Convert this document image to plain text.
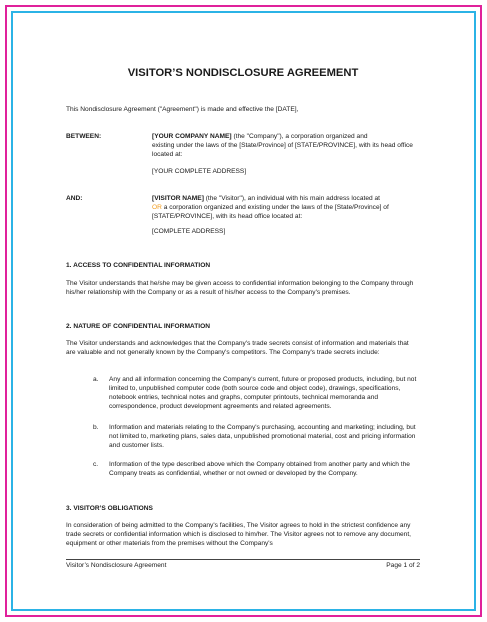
VISITOR’S NONDISCLOSURE AGREEMENT

This Nondisclosure Agreement ("Agreement") is made and effective the [DATE],

BETWEEN:	[YOUR COMPANY NAME] (the "Company"), a corporation organized and
existing under the laws of the [State/Province] of [STATE/PROVINCE], with its head office located at:
[YOUR COMPLETE ADDRESS]
AND:	[VISITOR NAME] (the "Visitor"), an individual with his main address located at
OR a corporation organized and existing under the laws of the [State/Province] of [STATE/PROVINCE], with its head office located at:
[COMPLETE ADDRESS]
1. ACCESS TO CONFIDENTIAL INFORMATION

The Visitor understands that he/she may be given access to confidential information belonging to the Company through his/her relationship with the Company or as a result of his/her access to the Company's premises.

2. NATURE OF CONFIDENTIAL INFORMATION

The Visitor understands and acknowledges that the Company's trade secrets consist of information and materials that are valuable and not generally known by the Company's competitors. The Company's trade secrets include:

a. Any and all information concerning the Company's current, future or proposed products, including, but not limited to, unpublished computer code (both source code and object code), drawings, specifications, notebook entries, technical notes and graphs, computer printouts, technical memoranda and correspondence, product development agreements and related agreements.

b. Information and materials relating to the Company's purchasing, accounting and marketing; including, but not limited to, marketing plans, sales data, unpublished promotional material, cost and pricing information and customer lists.

c. Information of the type described above which the Company obtained from another party and which the Company treats as confidential, whether or not owned or developed by the Company.

3. VISITOR’S OBLIGATIONS

In consideration of being admitted to the Company's facilities, The Visitor agrees to hold in the strictest confidence any trade secrets or confidential information which is disclosed to him/her. The Visitor agrees not to remove any document, equipment or other materials from the premises without the Company's

Visitor’s Nondisclosure Agreement	Page 1 of 2
